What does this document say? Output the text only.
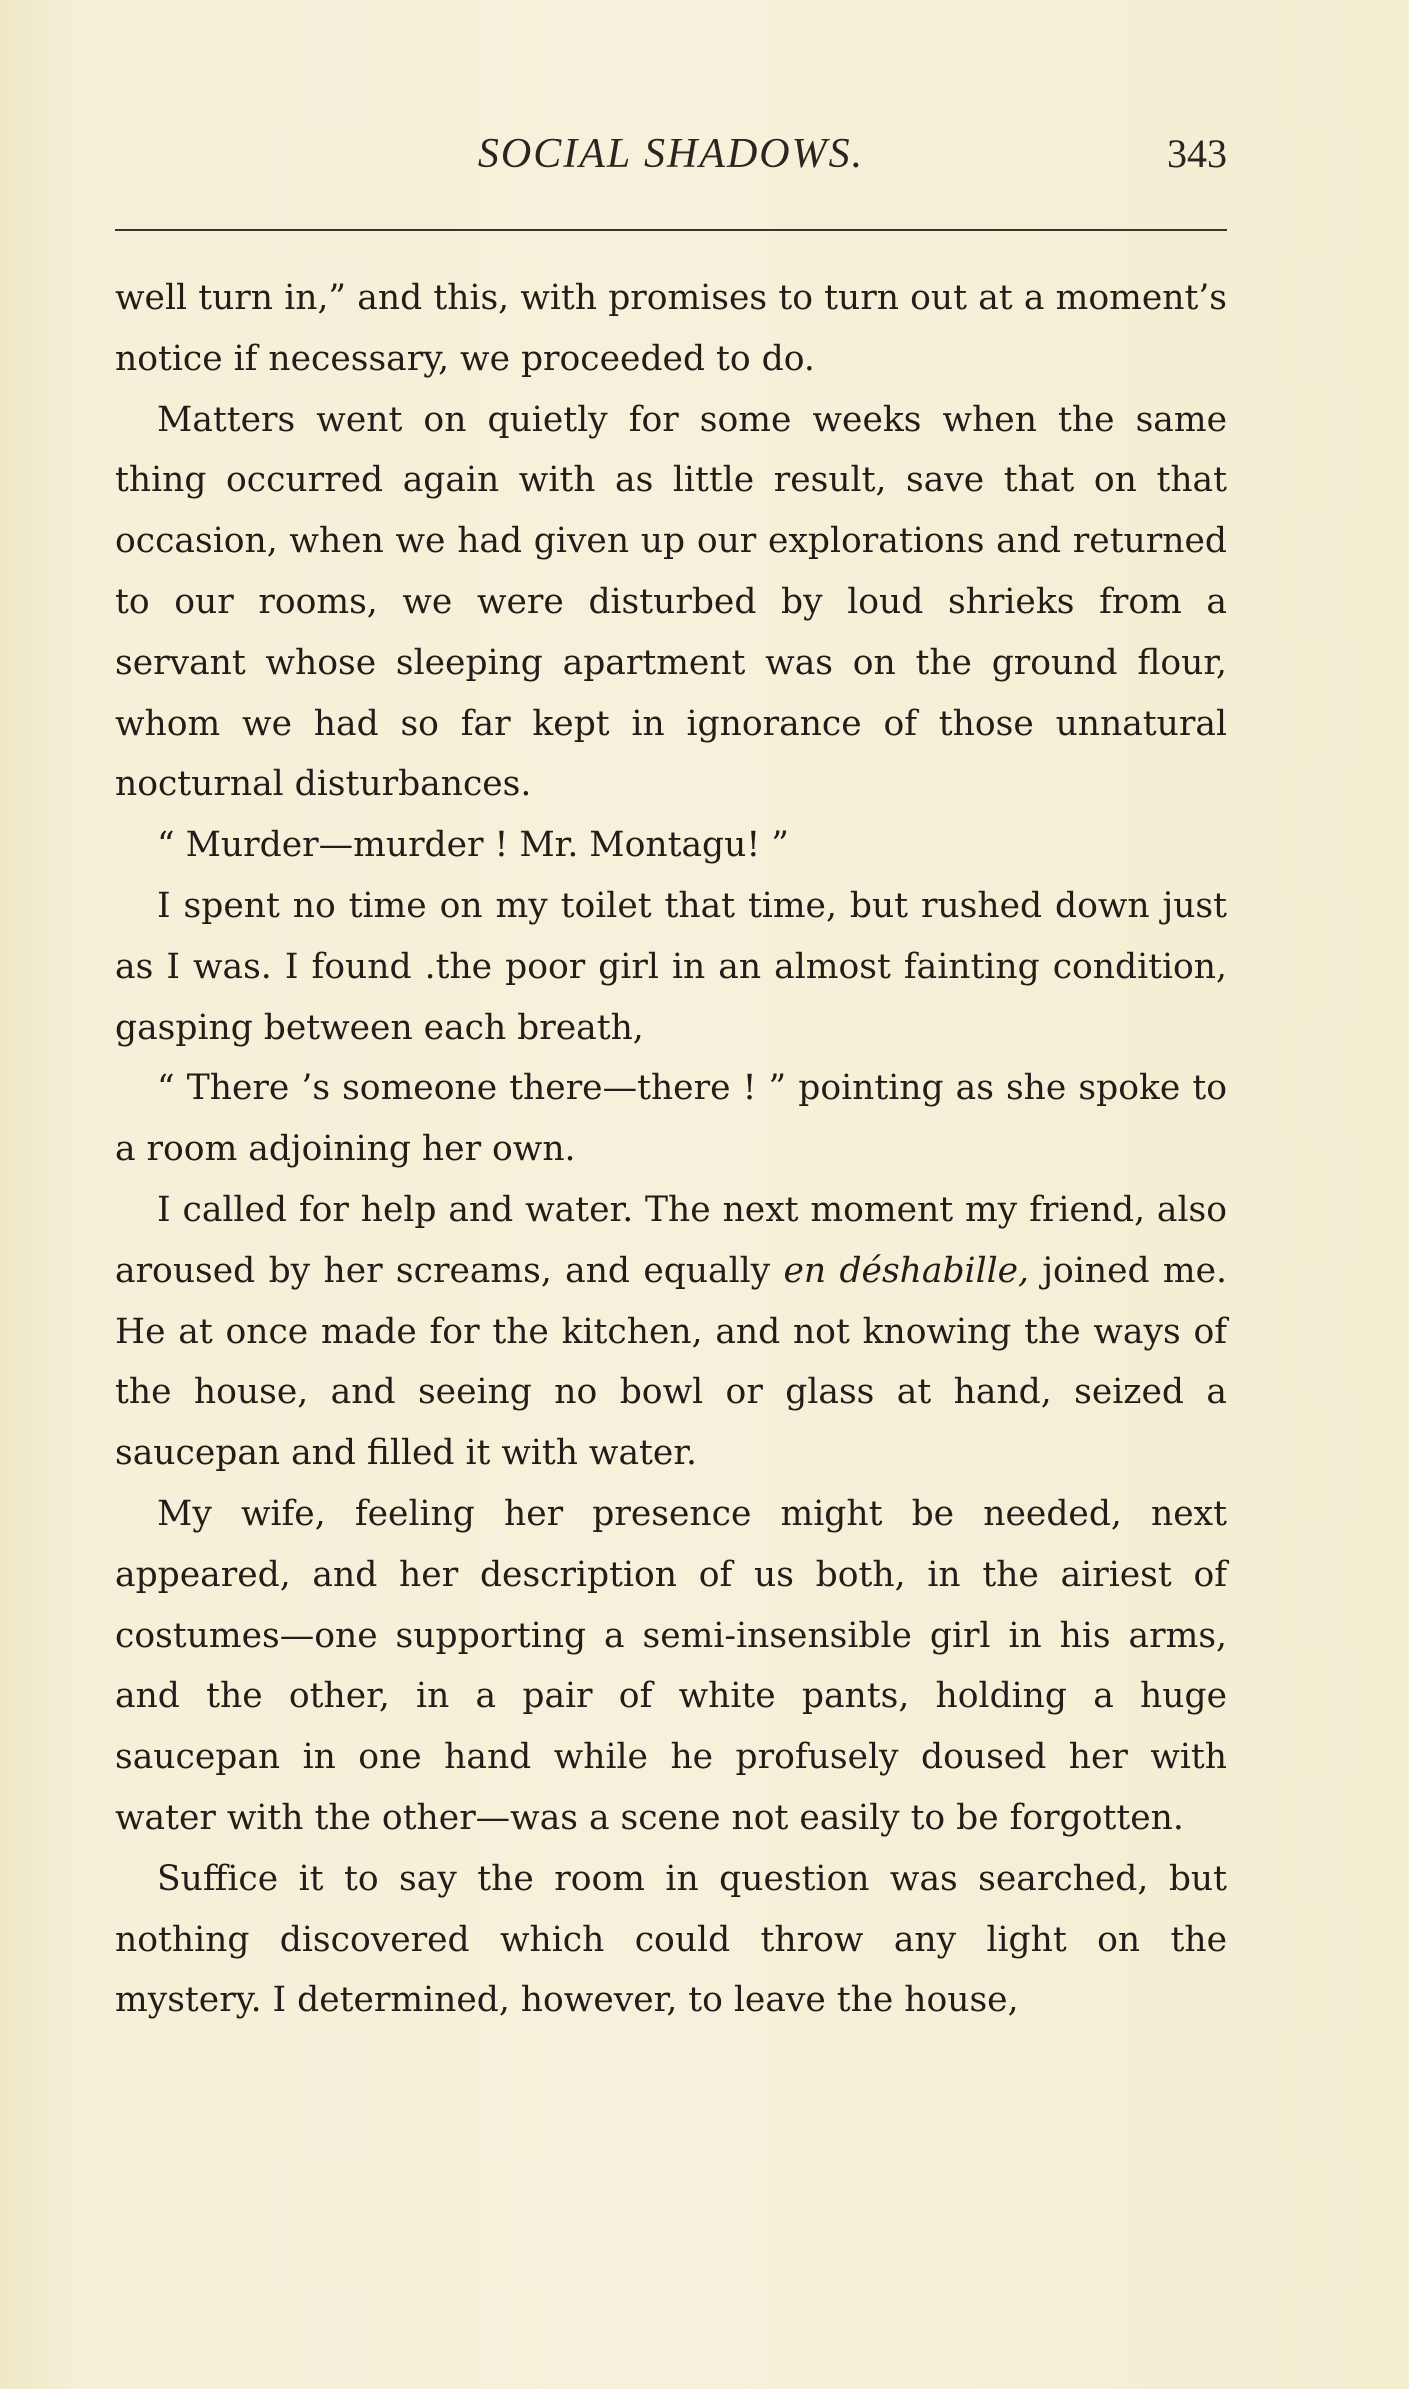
SOCIAL SHADOWS.	343

well turn in,” and this, with promises to turn out at a moment’s notice if necessary, we proceeded to do.

Matters went on quietly for some weeks when the same thing occurred again with as little result, save that on that occasion, when we had given up our explorations and returned to our rooms, we were disturbed by loud shrieks from a servant whose sleeping apartment was on the ground flour, whom we had so far kept in ignorance of those unnatural nocturnal disturbances.

“ Murder—murder ! Mr. Montagu! ”

I spent no time on my toilet that time, but rushed down just as I was. I found .the poor girl in an almost fainting condition, gasping between each breath,

“ There ’s someone there—there ! ” pointing as she spoke to a room adjoining her own.

I called for help and water. The next moment my friend, also aroused by her screams, and equally en déshabille, joined me. He at once made for the kitchen, and not knowing the ways of the house, and seeing no bowl or glass at hand, seized a saucepan and filled it with water.

My wife, feeling her presence might be needed, next appeared, and her description of us both, in the airiest of costumes—one supporting a semi-insensible girl in his arms, and the other, in a pair of white pants, holding a huge saucepan in one hand while he profusely doused her with water with the other—was a scene not easily to be forgotten.

Suffice it to say the room in question was searched, but nothing discovered which could throw any light on the mystery. I determined, however, to leave the house,
